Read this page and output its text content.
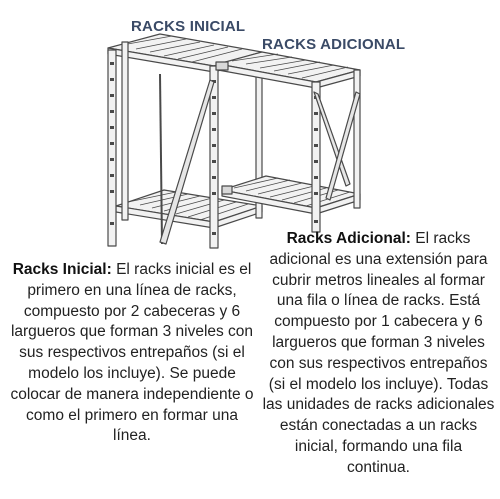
RACKS INICIAL
RACKS ADICIONAL
Racks Inicial: El racks inicial es el primero en una línea de racks, compuesto por 2 cabeceras y 6 largueros que forman 3 niveles con sus respectivos entrepaños (si el modelo los incluye). Se puede colocar de manera independiente o como el primero en formar una línea.
Racks Adicional: El racks adicional es una extensión para cubrir metros lineales al formar una fila o línea de racks. Está compuesto por 1 cabecera y 6 largueros que forman 3 niveles con sus respectivos entrepaños (si el modelo los incluye). Todas las unidades de racks adicionales están conectadas a un racks inicial, formando una fila continua.
